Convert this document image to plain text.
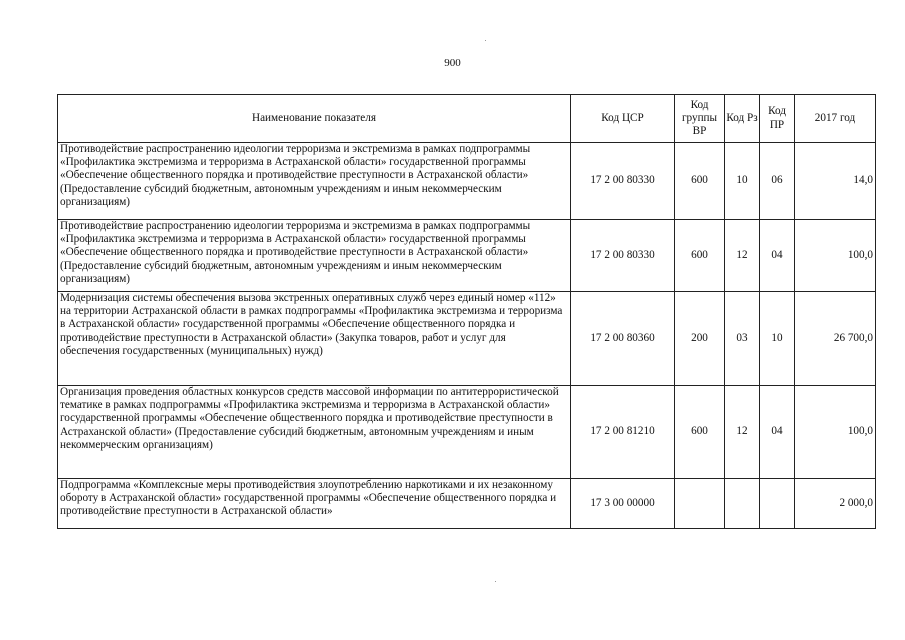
900
Наименование показателя	Код ЦСР	Код группы ВР	Код Рз	Код ПР	2017 год
Противодействие распространению идеологии терроризма и экстремизма в рамках подпрограммы «Профилактика экстремизма и терроризма в Астраханской области» государственной программы «Обеспечение общественного порядка и противодействие преступности в Астраханской области» (Предоставление субсидий бюджетным, автономным учреждениям и иным некоммерческим организациям)	17 2 00 80330	600	10	06	14,0
Противодействие распространению идеологии терроризма и экстремизма в рамках подпрограммы «Профилактика экстремизма и терроризма в Астраханской области» государственной программы «Обеспечение общественного порядка и противодействие преступности в Астраханской области» (Предоставление субсидий бюджетным, автономным учреждениям и иным некоммерческим организациям)	17 2 00 80330	600	12	04	100,0
Модернизация системы обеспечения вызова экстренных оперативных служб через единый номер «112» на территории Астраханской области в рамках подпрограммы «Профилактика экстремизма и терроризма в Астраханской области» государственной программы «Обеспечение общественного порядка и противодействие преступности в Астраханской области» (Закупка товаров, работ и услуг для обеспечения государственных (муниципальных) нужд)	17 2 00 80360	200	03	10	26 700,0
Организация проведения областных конкурсов средств массовой информации по антитеррористической тематике в рамках подпрограммы «Профилактика экстремизма и терроризма в Астраханской области» государственной программы «Обеспечение общественного порядка и противодействие преступности в Астраханской области» (Предоставление субсидий бюджетным, автономным учреждениям и иным некоммерческим организациям)	17 2 00 81210	600	12	04	100,0
Подпрограмма «Комплексные меры противодействия злоупотреблению наркотиками и их незаконному обороту в Астраханской области» государственной программы «Обеспечение общественного порядка и противодействие преступности в Астраханской области»	17 3 00 00000				2 000,0
